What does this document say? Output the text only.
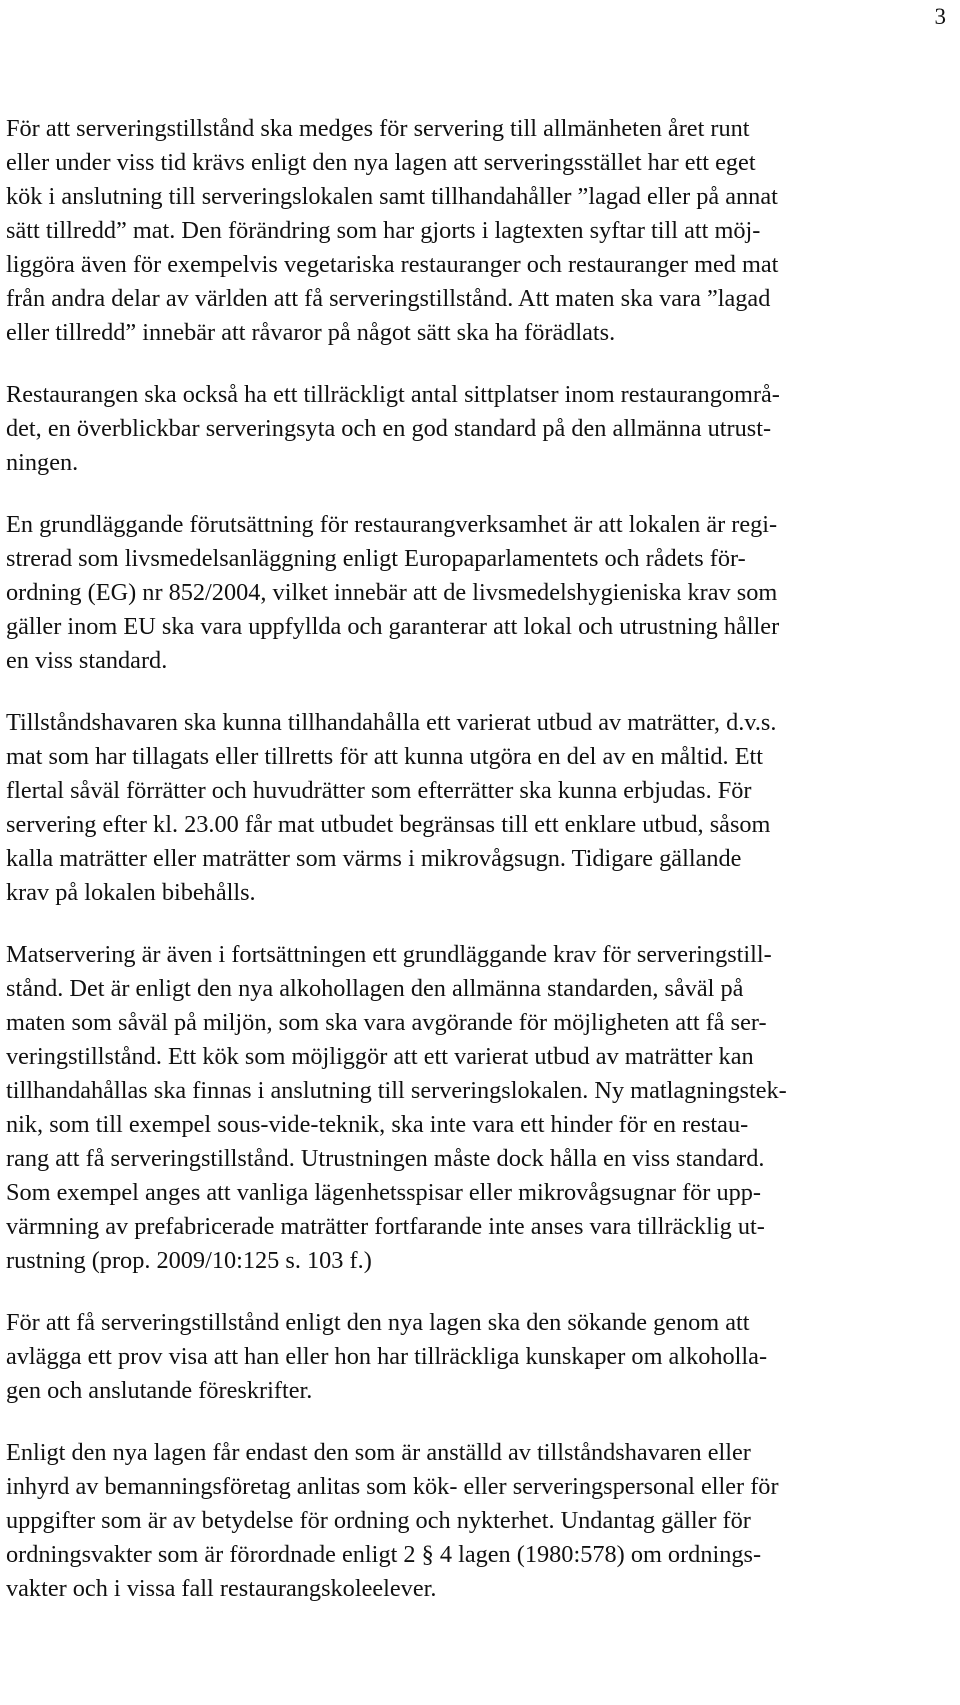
3

För att serveringstillstånd ska medges för servering till allmänheten året runt
eller under viss tid krävs enligt den nya lagen att serveringsstället har ett eget
kök i anslutning till serveringslokalen samt tillhandahåller ”lagad eller på annat
sätt tillredd” mat. Den förändring som har gjorts i lagtexten syftar till att möj-
liggöra även för exempelvis vegetariska restauranger och restauranger med mat
från andra delar av världen att få serveringstillstånd. Att maten ska vara ”lagad
eller tillredd” innebär att råvaror på något sätt ska ha förädlats.

Restaurangen ska också ha ett tillräckligt antal sittplatser inom restaurangområ-
det, en överblickbar serveringsyta och en god standard på den allmänna utrust-
ningen.

En grundläggande förutsättning för restaurangverksamhet är att lokalen är regi-
strerad som livsmedelsanläggning enligt Europaparlamentets och rådets för-
ordning (EG) nr 852/2004, vilket innebär att de livsmedelshygieniska krav som
gäller inom EU ska vara uppfyllda och garanterar att lokal och utrustning håller
en viss standard.

Tillståndshavaren ska kunna tillhandahålla ett varierat utbud av maträtter, d.v.s.
mat som har tillagats eller tillretts för att kunna utgöra en del av en måltid. Ett
flertal såväl förrätter och huvudrätter som efterrätter ska kunna erbjudas. För
servering efter kl. 23.00 får mat utbudet begränsas till ett enklare utbud, såsom
kalla maträtter eller maträtter som värms i mikrovågsugn. Tidigare gällande
krav på lokalen bibehålls.

Matservering är även i fortsättningen ett grundläggande krav för serveringstill-
stånd. Det är enligt den nya alkohollagen den allmänna standarden, såväl på
maten som såväl på miljön, som ska vara avgörande för möjligheten att få ser-
veringstillstånd. Ett kök som möjliggör att ett varierat utbud av maträtter kan
tillhandahållas ska finnas i anslutning till serveringslokalen. Ny matlagningstek-
nik, som till exempel sous-vide-teknik, ska inte vara ett hinder för en restau-
rang att få serveringstillstånd. Utrustningen måste dock hålla en viss standard.
Som exempel anges att vanliga lägenhetsspisar eller mikrovågsugnar för upp-
värmning av prefabricerade maträtter fortfarande inte anses vara tillräcklig ut-
rustning (prop. 2009/10:125 s. 103 f.)

För att få serveringstillstånd enligt den nya lagen ska den sökande genom att
avlägga ett prov visa att han eller hon har tillräckliga kunskaper om alkoholla-
gen och anslutande föreskrifter.

Enligt den nya lagen får endast den som är anställd av tillståndshavaren eller
inhyrd av bemanningsföretag anlitas som kök- eller serveringspersonal eller för
uppgifter som är av betydelse för ordning och nykterhet. Undantag gäller för
ordningsvakter som är förordnade enligt 2 § 4 lagen (1980:578) om ordnings-
vakter och i vissa fall restaurangskoleelever.
